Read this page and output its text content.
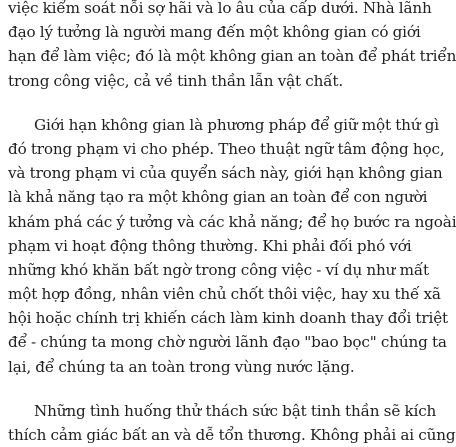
việc kiểm soát nỗi sợ hãi và lo âu của cấp dưới. Nhà lãnh
đạo lý tưởng là người mang đến một không gian có giới
hạn để làm việc; đó là một không gian an toàn để phát triển
trong công việc, cả về tinh thần lẫn vật chất.
Giới hạn không gian là phương pháp để giữ một thứ gì
đó trong phạm vi cho phép. Theo thuật ngữ tâm động học,
và trong phạm vi của quyển sách này, giới hạn không gian
là khả năng tạo ra một không gian an toàn để con người
khám phá các ý tưởng và các khả năng; để họ bước ra ngoài
phạm vi hoạt động thông thường. Khi phải đối phó với
những khó khăn bất ngờ trong công việc - ví dụ như mất
một hợp đồng, nhân viên chủ chốt thôi việc, hay xu thế xã
hội hoặc chính trị khiến cách làm kinh doanh thay đổi triệt
để - chúng ta mong chờ người lãnh đạo "bao bọc" chúng ta
lại, để chúng ta an toàn trong vùng nước lặng.
Những tình huống thử thách sức bật tinh thần sẽ kích
thích cảm giác bất an và dễ tổn thương. Không phải ai cũng
